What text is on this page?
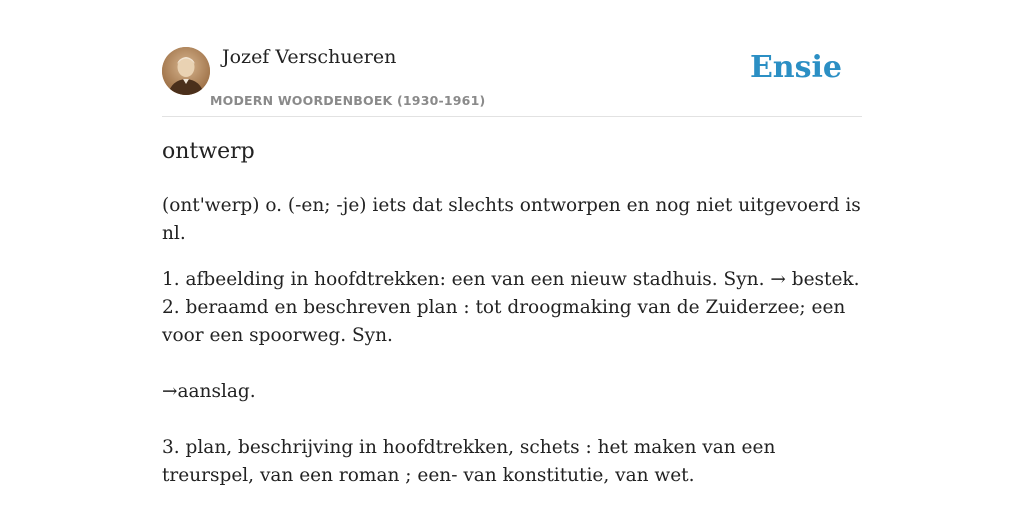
Jozef Verschueren
MODERN WOORDENBOEK (1930-1961)
Ensie
ontwerp

(ont'werp) o. (-en; -je) iets dat slechts ontworpen en nog niet uitgevoerd is nl.

1. afbeelding in hoofdtrekken: een van een nieuw stadhuis. Syn. → bestek.

2. beraamd en beschreven plan : tot droogmaking van de Zuiderzee; een voor een spoorweg. Syn.

→aanslag.

3. plan, beschrijving in hoofdtrekken, schets : het maken van een treurspel, van een roman ; een- van konstitutie, van wet.
